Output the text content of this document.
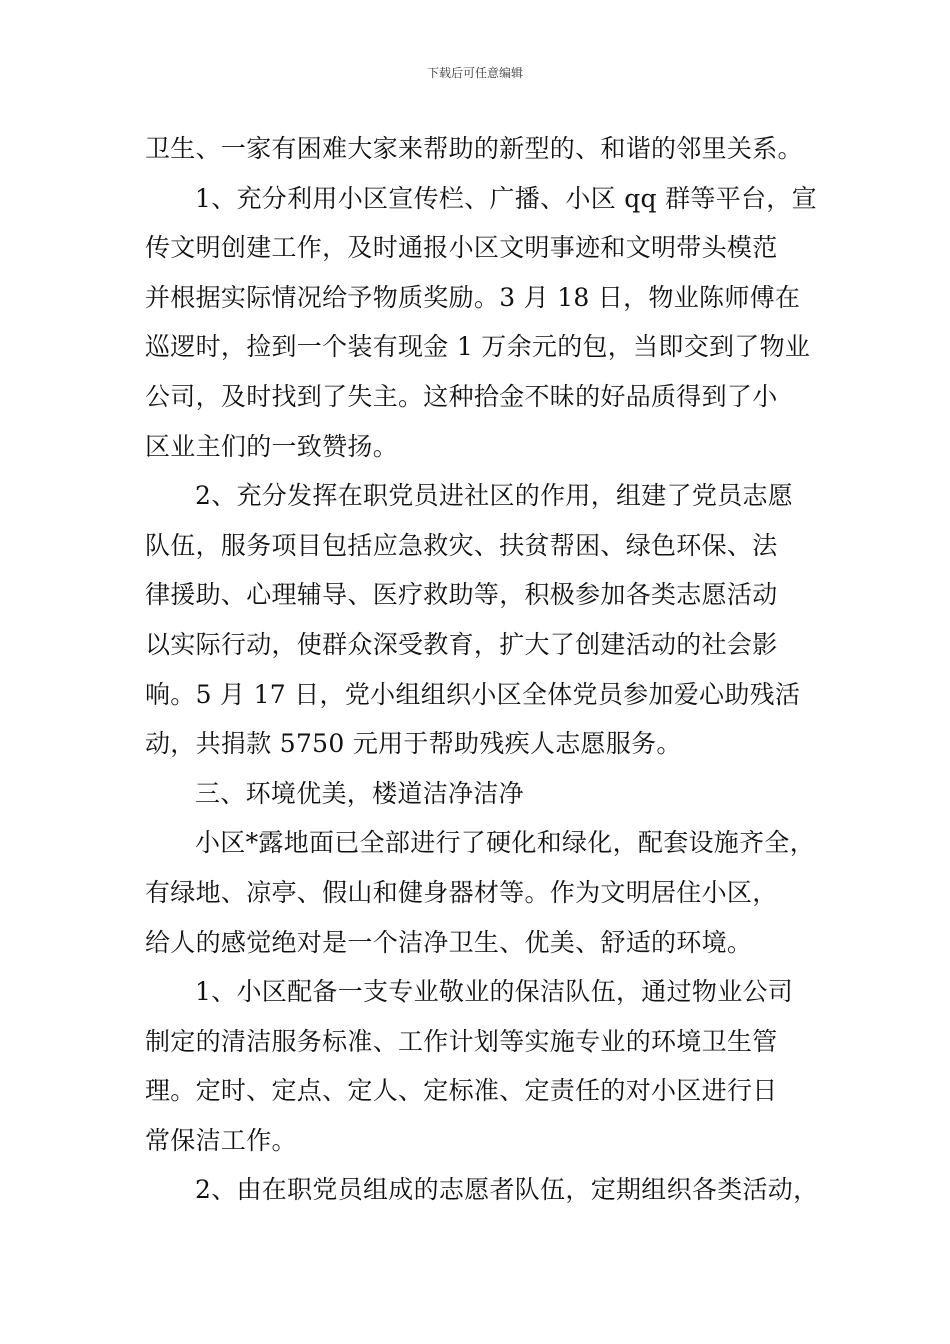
下载后可任意编辑
卫生、一家有困难大家来帮助的新型的、和谐的邻里关系。
1、充分利用小区宣传栏、广播、小区 qq 群等平台，宣
传文明创建工作，及时通报小区文明事迹和文明带头模范
并根据实际情况给予物质奖励。3 月 18 日，物业陈师傅在
巡逻时，捡到一个装有现金 1 万余元的包，当即交到了物业
公司，及时找到了失主。这种拾金不昧的好品质得到了小
区业主们的一致赞扬。
2、充分发挥在职党员进社区的作用，组建了党员志愿
队伍，服务项目包括应急救灾、扶贫帮困、绿色环保、法
律援助、心理辅导、医疗救助等，积极参加各类志愿活动
以实际行动，使群众深受教育，扩大了创建活动的社会影
响。5 月 17 日，党小组组织小区全体党员参加爱心助残活
动，共捐款 5750 元用于帮助残疾人志愿服务。
三、环境优美，楼道洁净洁净
小区*露地面已全部进行了硬化和绿化，配套设施齐全，
有绿地、凉亭、假山和健身器材等。作为文明居住小区，
给人的感觉绝对是一个洁净卫生、优美、舒适的环境。
1、小区配备一支专业敬业的保洁队伍，通过物业公司
制定的清洁服务标准、工作计划等实施专业的环境卫生管
理。定时、定点、定人、定标准、定责任的对小区进行日
常保洁工作。
2、由在职党员组成的志愿者队伍，定期组织各类活动，
